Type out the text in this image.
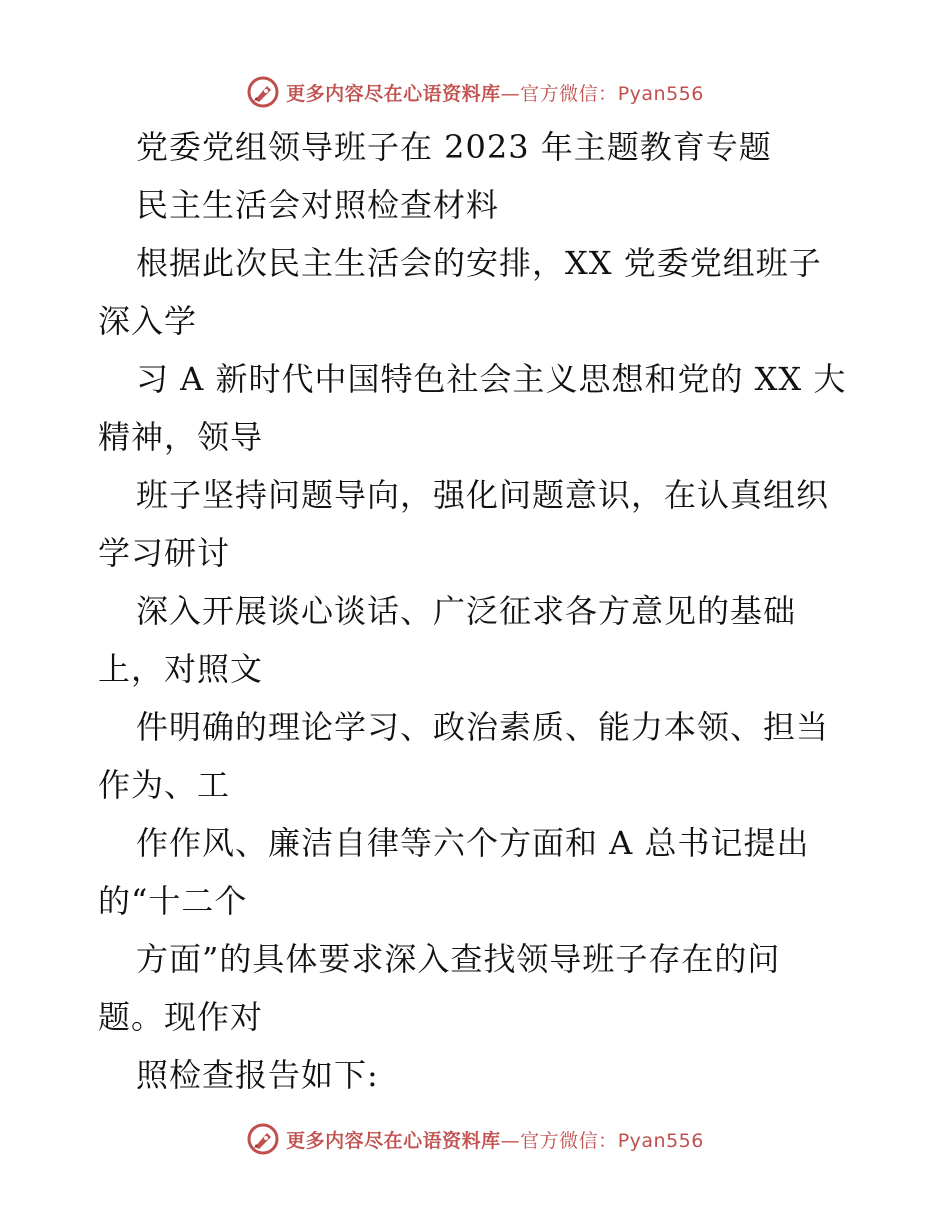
更多内容尽在心语资料库—官方微信：Pyan556
党委党组领导班子在 2023 年主题教育专题
民主生活会对照检查材料
根据此次民主生活会的安排，XX 党委党组班子
深入学
习 A 新时代中国特色社会主义思想和党的 XX 大
精神，领导
班子坚持问题导向，强化问题意识，在认真组织
学习研讨
深入开展谈心谈话、广泛征求各方意见的基础
上，对照文
件明确的理论学习、政治素质、能力本领、担当
作为、工
作作风、廉洁自律等六个方面和 A 总书记提出
的“十二个
方面”的具体要求深入查找领导班子存在的问
题。现作对
照检查报告如下:
更多内容尽在心语资料库—官方微信：Pyan556
